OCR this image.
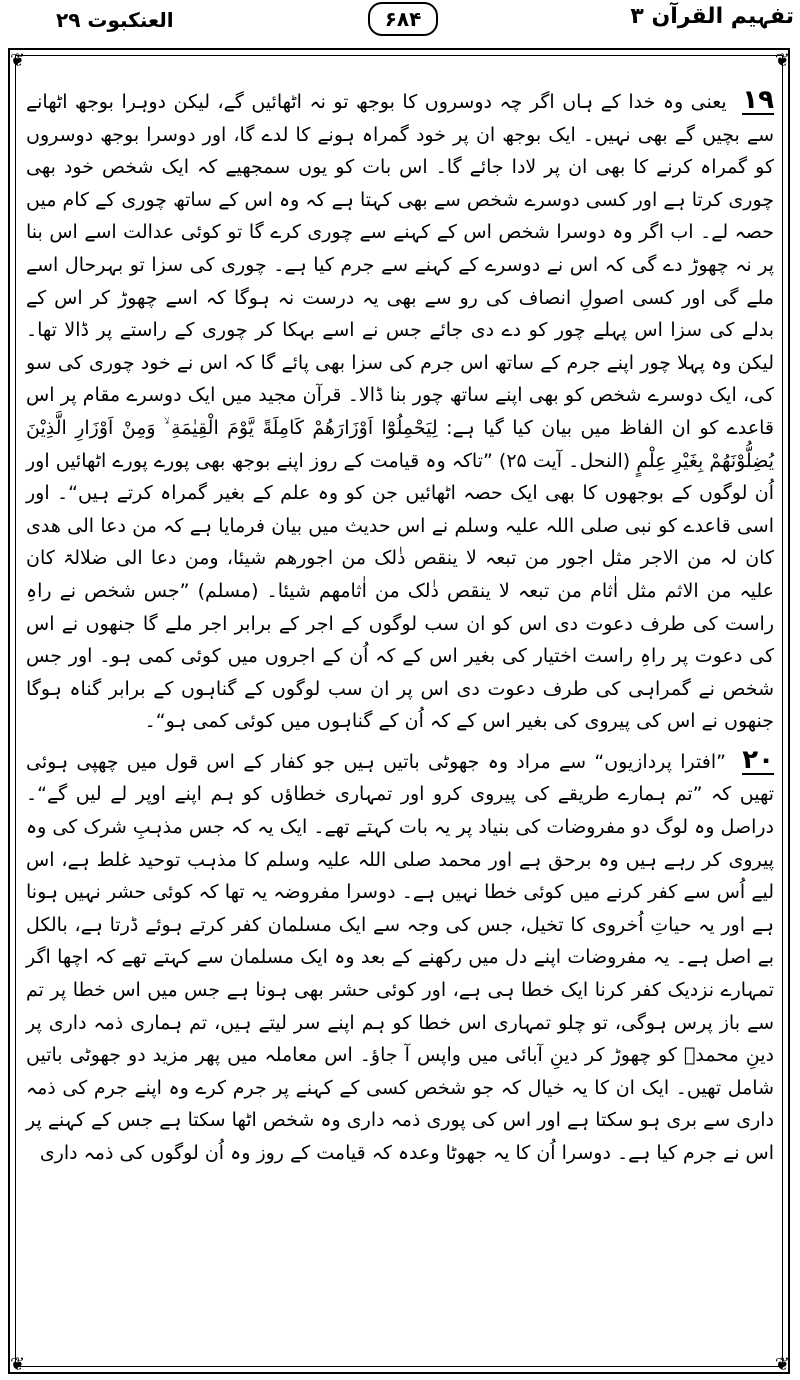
تفہیم القرآن ۳
۶۸۴
العنکبوت ۲۹
❦	❦
❦	❦

۱۹ یعنی وہ خدا کے ہاں اگر چہ دوسروں کا بوجھ تو نہ اٹھائیں گے، لیکن دوہرا بوجھ اٹھانے سے بچیں گے بھی نہیں۔ ایک بوجھ ان پر خود گمراہ ہونے کا لدے گا، اور دوسرا بوجھ دوسروں کو گمراہ کرنے کا بھی ان پر لادا جائے گا۔ اس بات کو یوں سمجھیے کہ ایک شخص خود بھی چوری کرتا ہے اور کسی دوسرے شخص سے بھی کہتا ہے کہ وہ اس کے ساتھ چوری کے کام میں حصہ لے۔ اب اگر وہ دوسرا شخص اس کے کہنے سے چوری کرے گا تو کوئی عدالت اسے اس بنا پر نہ چھوڑ دے گی کہ اس نے دوسرے کے کہنے سے جرم کیا ہے۔ چوری کی سزا تو بہرحال اسے ملے گی اور کسی اصولِ انصاف کی رو سے بھی یہ درست نہ ہوگا کہ اسے چھوڑ کر اس کے بدلے کی سزا اس پہلے چور کو دے دی جائے جس نے اسے بہکا کر چوری کے راستے پر ڈالا تھا۔ لیکن وہ پہلا چور اپنے جرم کے ساتھ اس جرم کی سزا بھی پائے گا کہ اس نے خود چوری کی سو کی، ایک دوسرے شخص کو بھی اپنے ساتھ چور بنا ڈالا۔ قرآن مجید میں ایک دوسرے مقام پر اس قاعدے کو ان الفاظ میں بیان کیا گیا ہے: لِيَحْمِلُوْٓا اَوْزَارَهُمْ كَامِلَةً يَّوْمَ الْقِيٰمَةِ ۙ وَمِنْ اَوْزَارِ الَّذِيْنَ يُضِلُّوْنَهُمْ بِغَيْرِ عِلْمٍ (النحل۔ آیت ۲۵) ”تاکہ وہ قیامت کے روز اپنے بوجھ بھی پورے پورے اٹھائیں اور اُن لوگوں کے بوجھوں کا بھی ایک حصہ اٹھائیں جن کو وہ علم کے بغیر گمراہ کرتے ہیں“۔ اور اسی قاعدے کو نبی صلی اللہ علیہ وسلم نے اس حدیث میں بیان فرمایا ہے کہ من دعا الی ھدی کان لہ من الاجر مثل اجور من تبعہ لا ینقص ذٰلک من اجورھم شیئا، ومن دعا الی ضلالۃ کان علیہ من الاثم مثل اٰثام من تبعہ لا ینقص ذٰلک من اٰثامھم شیئا۔ (مسلم) ”جس شخص نے راہِ راست کی طرف دعوت دی اس کو ان سب لوگوں کے اجر کے برابر اجر ملے گا جنھوں نے اس کی دعوت پر راہِ راست اختیار کی بغیر اس کے کہ اُن کے اجروں میں کوئی کمی ہو۔ اور جس شخص نے گمراہی کی طرف دعوت دی اس پر ان سب لوگوں کے گناہوں کے برابر گناہ ہوگا جنھوں نے اس کی پیروی کی بغیر اس کے کہ اُن کے گناہوں میں کوئی کمی ہو“۔

۲۰ ”افترا پردازیوں“ سے مراد وہ جھوٹی باتیں ہیں جو کفار کے اس قول میں چھپی ہوئی تھیں کہ ”تم ہمارے طریقے کی پیروی کرو اور تمہاری خطاؤں کو ہم اپنے اوپر لے لیں گے“۔ دراصل وہ لوگ دو مفروضات کی بنیاد پر یہ بات کہتے تھے۔ ایک یہ کہ جس مذہبِ شرک کی وہ پیروی کر رہے ہیں وہ برحق ہے اور محمد صلی اللہ علیہ وسلم کا مذہب توحید غلط ہے، اس لیے اُس سے کفر کرنے میں کوئی خطا نہیں ہے۔ دوسرا مفروضہ یہ تھا کہ کوئی حشر نہیں ہونا ہے اور یہ حیاتِ اُخروی کا تخیل، جس کی وجہ سے ایک مسلمان کفر کرتے ہوئے ڈرتا ہے، بالکل بے اصل ہے۔ یہ مفروضات اپنے دل میں رکھنے کے بعد وہ ایک مسلمان سے کہتے تھے کہ اچھا اگر تمہارے نزدیک کفر کرنا ایک خطا ہی ہے، اور کوئی حشر بھی ہونا ہے جس میں اس خطا پر تم سے باز پرس ہوگی، تو چلو تمہاری اس خطا کو ہم اپنے سر لیتے ہیں، تم ہماری ذمہ داری پر دینِ محمدؐ کو چھوڑ کر دینِ آبائی میں واپس آ جاؤ۔ اس معاملہ میں پھر مزید دو جھوٹی باتیں شامل تھیں۔ ایک ان کا یہ خیال کہ جو شخص کسی کے کہنے پر جرم کرے وہ اپنے جرم کی ذمہ داری سے بری ہو سکتا ہے اور اس کی پوری ذمہ داری وہ شخص اٹھا سکتا ہے جس کے کہنے پر اس نے جرم کیا ہے۔ دوسرا اُن کا یہ جھوٹا وعدہ کہ قیامت کے روز وہ اُن لوگوں کی ذمہ داری
